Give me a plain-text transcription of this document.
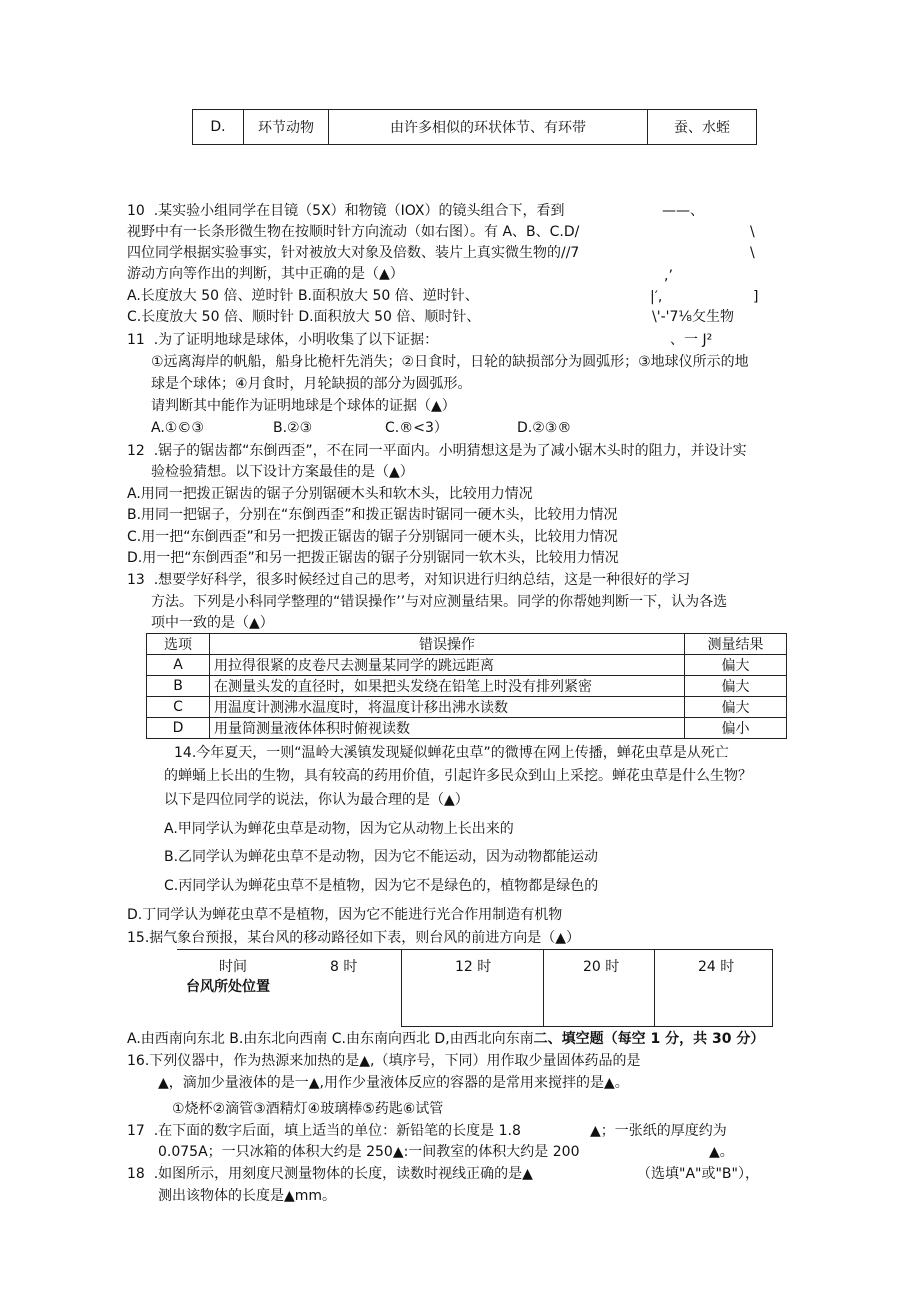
D.	环节动物	由许多相似的环状体节、有环带	蚕、水蛭
10  .某实验小组同学在目镜（5X）和物镜（IOX）的镜头组合下，看到
视野中有一长条形微生物在按顺时针方向流动（如右图）。有 A、B、C.D/
四位同学根据实验事实，针对被放大对象及倍数、装片上真实微生物的//7
游动方向等作出的判断，其中正确的是（▲）
A.长度放大 50 倍、逆时针 B.面积放大 50 倍、逆时针、
C.长度放大 50 倍、顺时针 D.面积放大 50 倍、顺时针、
——、
\
\
,’
|′,	]
\'-'7⅛攵生物
、一 J²
11  .为了证明地球是球体，小明收集了以下证据：
①远离海岸的帆船，船身比桅杆先消失；②日食时，日轮的缺损部分为圆弧形；③地球仪所示的地
球是个球体；④月食时，月轮缺损的部分为圆弧形。
请判断其中能作为证明地球是个球体的证据（▲）
A.①©③	B.②③	C.®<3）	D.②③®
12  .锯子的锯齿都“东倒西歪”，不在同一平面内。小明猜想这是为了减小锯木头时的阻力，并设计实
验检验猜想。以下设计方案最佳的是（▲）
A.用同一把拨正锯齿的锯子分别锯硬木头和软木头，比较用力情况
B.用同一把锯子，分别在“东倒西歪”和拨正锯齿时锯同一硬木头，比较用力情况
C.用一把“东倒西歪”和另一把拨正锯齿的锯子分别锯同一硬木头，比较用力情况
D.用一把“东倒西歪”和另一把拨正锯齿的锯子分别锯同一软木头，比较用力情况
13  .想要学好科学，很多时候经过自己的思考，对知识进行归纳总结，这是一种很好的学习
方法。下列是小科同学整理的“错误操作’’与对应测量结果。同学的你帮她判断一下，认为各选
项中一致的是（▲）
选项	错误操作	测量结果
A	用拉得很紧的皮卷尺去测量某同学的跳远距离	偏大
B	在测量头发的直径时，如果把头发绕在铅笔上时没有排列紧密	偏大
C	用温度计测沸水温度时，将温度计移出沸水读数	偏大
D	用量筒测量液体体积时俯视读数	偏小
14.今年夏天，一则“温岭大溪镇发现疑似蝉花虫草”的微博在网上传播，蝉花虫草是从死亡
的蝉蛹上长出的生物，具有较高的药用价值，引起许多民众到山上采挖。蝉花虫草是什么生物？
以下是四位同学的说法，你认为最合理的是（▲）
A.甲同学认为蝉花虫草是动物，因为它从动物上长出来的
B.乙同学认为蝉花虫草不是动物，因为它不能运动，因为动物都能运动
C.丙同学认为蝉花虫草不是植物，因为它不是绿色的，植物都是绿色的
D.丁同学认为蝉花虫草不是植物，因为它不能进行光合作用制造有机物
15.据气象台预报，某台风的移动路径如下表，则台风的前进方向是（▲）
时间	8 时	12 时	20 时	24 时
台风所处位置
A.由西南向东北 B.由东北向西南 C.由东南向西北 D,由西北向东南二、填空题（每空 1 分，共 30 分）
16.下列仪器中，作为热源来加热的是▲,（填序号，下同）用作取少量固体药品的是
▲，滴加少量液体的是一▲,用作少量液体反应的容器的是常用来搅拌的是▲。
①烧杯②滴管③酒精灯④玻璃棒⑤药匙⑥试管
17  .在下面的数字后面，填上适当的单位：新铅笔的长度是 1.8	▲；一张纸的厚度约为
0.075A；一只冰箱的体积大约是 250▲:一间教室的体积大约是 200	▲。
18  .如图所示，用刻度尺测量物体的长度，读数时视线正确的是▲	（选填"A"或"B"），
测出该物体的长度是▲mm。
